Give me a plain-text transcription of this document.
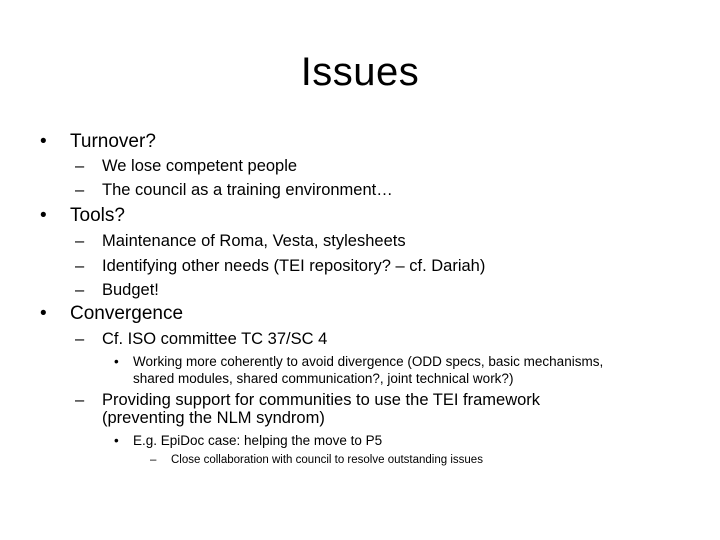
Issues
• Turnover?
– We lose competent people
– The council as a training environment…
• Tools?
– Maintenance of Roma, Vesta, stylesheets
– Identifying other needs (TEI repository? – cf. Dariah)
– Budget!
• Convergence
– Cf. ISO committee TC 37/SC 4
• Working more coherently to avoid divergence (ODD specs, basic mechanisms,
shared modules, shared communication?, joint technical work?)
– Providing support for communities to use the TEI framework
(preventing the NLM syndrom)
• E.g. EpiDoc case: helping the move to P5
– Close collaboration with council to resolve outstanding issues
